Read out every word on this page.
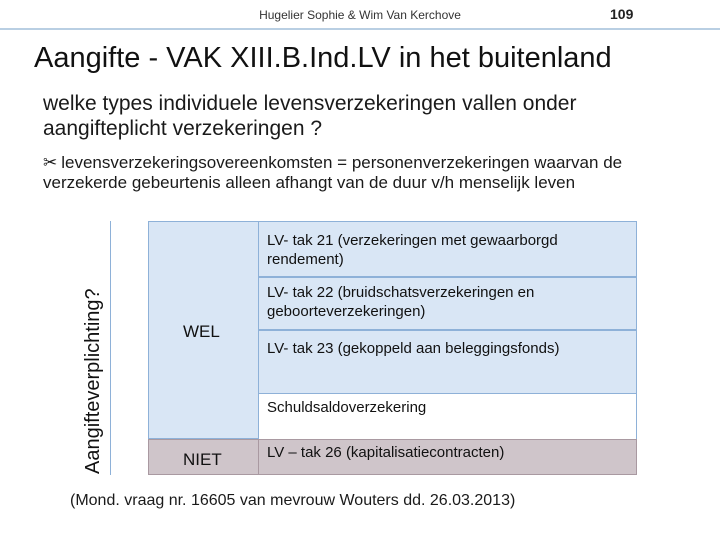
Hugelier Sophie & Wim Van Kerchove	109
Aangifte - VAK XIII.B.Ind.LV in het buitenland
welke types individuele levensverzekeringen vallen onder aangifteplicht verzekeringen ?
✂ levensverzekeringsovereenkomsten = personenverzekeringen waarvan de verzekerde gebeurtenis alleen afhangt van de duur v/h menselijk leven
Aangifteverplichting?	WEL
NIET
LV- tak 21 (verzekeringen met gewaarborgd rendement)
LV- tak 22 (bruidschatsverzekeringen en geboorteverzekeringen)
LV- tak 23 (gekoppeld aan beleggingsfonds)
Schuldsaldoverzekering
LV – tak 26 (kapitalisatiecontracten)
(Mond. vraag nr. 16605 van mevrouw Wouters dd. 26.03.2013)
